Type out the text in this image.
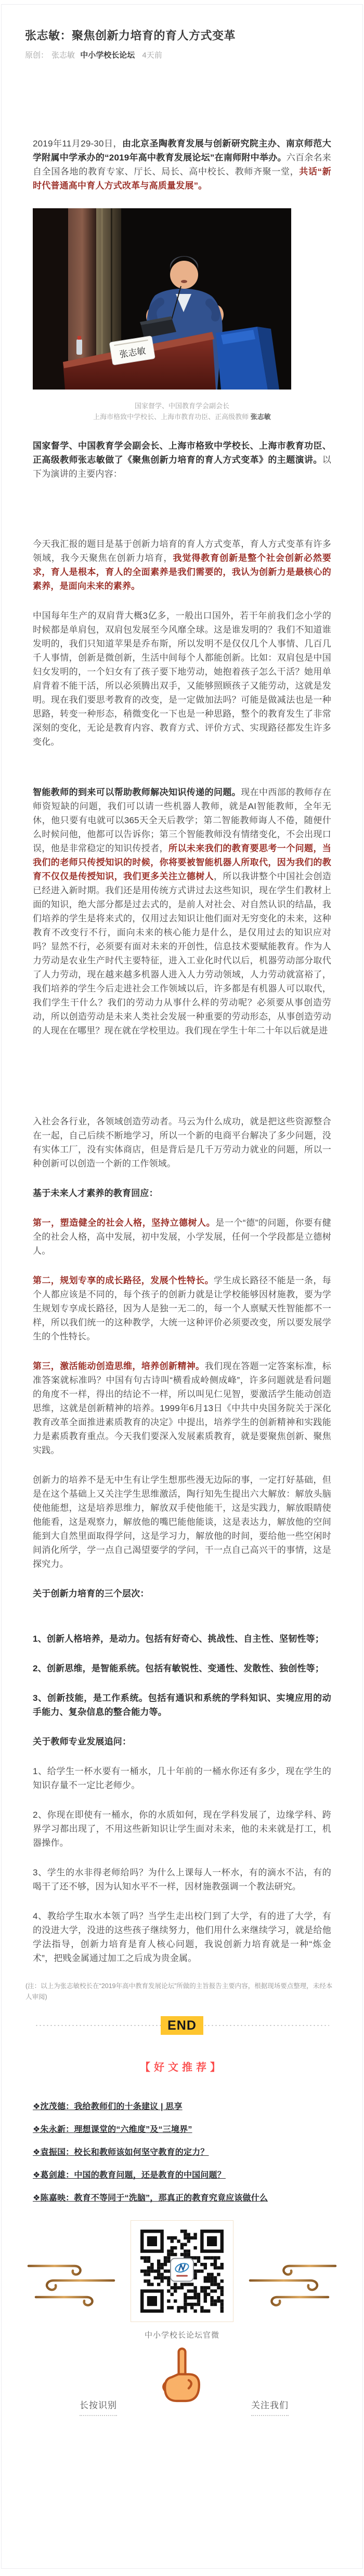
张志敏：聚焦创新力培育的育人方式变革
原创： 张志敏 中小学校长论坛 4天前

2019年11月29-30日，由北京圣陶教育发展与创新研究院主办、南京师范大学附属中学承办的“2019年高中教育发展论坛”在南师附中举办。六百余名来自全国各地的教育专家、厅长、局长、高中校长、教师齐聚一堂，共话“新时代普通高中育人方式改革与高质量发展”。

张志敏
国家督学、中国教育学会副会长
上海市格致中学校长、上海市教育功臣、正高级教师 张志敏

国家督学、中国教育学会副会长、上海市格致中学校长、上海市教育功臣、正高级教师张志敏做了《聚焦创新力培育的育人方式变革》的主题演讲。以下为演讲的主要内容：

今天我汇报的题目是基于创新力培育的育人方式变革，育人方式变革有许多领域，我今天聚焦在创新力培育，我觉得教育创新是整个社会创新必然要求，育人是根本，育人的全面素养是我们需要的，我认为创新力是最核心的素养，是面向未来的素养。

中国每年生产的双肩背大概3亿多，一般出口国外，若干年前我们念小学的时候都是单肩包，双肩包发展至今风靡全球。这是谁发明的？我们不知道谁发明的，我们只知道苹果是乔布斯，所以发明不是仅仅几个人事情、几百几千人事情，创新是微创新，生活中间每个人都能创新。比如：双肩包是中国妇女发明的，一个妇女有了孩子要下地劳动，她抱着孩子怎么干活？她用单肩背着不能干活，所以必须腾出双手，又能够照顾孩子又能劳动，这就是发明。现在我们要思考教育的改变，是一定做加法吗？可能是做减法也是一种思路，转变一种形态，稍微变化一下也是一种思路，整个的教育发生了非常深刻的变化，无论是教育内容、教育方式、评价方式、实现路径都发生许多变化。

智能教师的到来可以帮助教师解决知识传递的问题。现在中西部的教师存在师资短缺的问题，我们可以请一些机器人教师，就是AI智能教师，全年无休，他只要有电就可以365天全天后教学；第二智能教师诲人不倦，随便什么时候问他，他都可以告诉你；第三个智能教师没有情绪变化，不会出现口误，他是非常稳定的知识传授者，所以未来我们的教育要思考一个问题，当我们的老师只传授知识的时候，你将要被智能机器人所取代，因为我们的教育不仅仅是传授知识，我们更多关注立德树人，所以我讲整个中国社会创造已经进入新时期。我们还是用传统方式讲过去这些知识，现在学生们教材上面的知识，绝大部分都是过去式的，是前人对社会、对自然认识的结晶，我们培养的学生是将来式的，仅用过去知识让他们面对无穷变化的未来，这种教育不改变行不行，面向未来的核心能力是什么，是仅用过去的知识应对吗？显然不行，必须要有面对未来的开创性，信息技术要赋能教育。作为人力劳动是农业生产时代主要特征，进入工业化时代以后，机器劳动部分取代了人力劳动，现在越来越多机器人进入人力劳动领域，人力劳动就富裕了，我们培养的学生今后走进社会工作领域以后，许多都是有机器人可以取代，我们学生干什么？我们的劳动力从事什么样的劳动呢？必须要从事创造劳动，所以创造劳动是未来人类社会发展一种重要的劳动形态，从事创造劳动的人现在在哪里？现在就在学校里边。我们现在学生十年二十年以后就是进

入社会各行业，各领域创造劳动者。马云为什么成功，就是把这些资源整合在一起，自己后续不断地学习，所以一个新的电商平台解决了多少问题，没有实体工厂，没有实体商店，但是背后是几千万劳动力就业的问题，所以一种创新可以创造一个新的工作领域。

基于未来人才素养的教育回应：

第一，塑造健全的社会人格，坚持立德树人。是一个“德”的问题，你要有健全的社会人格，高中发展，初中发展，小学发展，任何一个学段都是立德树人。

第二，规划专享的成长路径，发展个性特长。学生成长路径不能是一条，每个人都应该是不同的，每个孩子的创新力就是让学校能够因材施教，要为学生规划专享成长路径，因为人是独一无二的，每一个人禀赋天性智能都不一样，所以我们统一的这种教学，大统一这种评价必须要改变，所以要发展学生的个性特长。

第三，激活能动创造思维，培养创新精神。我们现在答题一定答案标准，标准答案就标准吗？中国有句古诗叫“横看成岭侧成峰”，许多问题就是看问题的角度不一样，得出的结论不一样，所以叫见仁见智，要激活学生能动创造思维，这就是创新精神的培养。1999年6月13日《中共中央国务院关于深化教育改革全面推进素质教育的决定》中提出，培养学生的创新精神和实践能力是素质教育重点。今天我们要深入发展素质教育，就是要聚焦创新、聚焦实践。

创新力的培养不是无中生有让学生想那些漫无边际的事，一定打好基础，但是在这个基础上又关注学生思维激活，陶行知先生提出六大解放：解放头脑使他能想，这是培养思维力，解放双手使他能干，这是实践力，解放眼睛使他能看，这是观察力，解放他的嘴巴能他能谈，这是表达力，解放他的空间能到大自然里面取得学问，这是学习力，解放他的时间，要给他一些空闲时间消化所学，学一点自己渴望要学的学问，干一点自己高兴干的事情，这是探究力。

关于创新力培育的三个层次：

1、创新人格培养，是动力。包括有好奇心、挑战性、自主性、坚韧性等；

2、创新思维，是智能系统。包括有敏锐性、变通性、发散性、独创性等；

3、创新技能，是工作系统。包括有通识和系统的学科知识、实境应用的动手能力、复杂信息的整合能力等。

关于教师专业发展追问：

1、给学生一杯水要有一桶水，几十年前的一桶水你还有多少，现在学生的知识存量不一定比老师少。

2、你现在即使有一桶水，你的水质如何，现在学科发展了，边缘学科、跨界学习都出现了，不用这些新知识让学生面对未来，他的未来就是打工，机器操作。

3、学生的水非得老师给吗？为什么上课每人一杯水，有的滴水不沾，有的喝干了还不够，因为认知水平不一样，因材施教强调一个教法研究。

4、教给学生取水本领了吗？当学生走出校门到了大学，有的进了大学，有的没进大学，没进的这些孩子继续努力，他们用什么来继续学习，就是给他学法指导，创新力培育是育人核心问题，我说创新力培育就是一种“炼金术”，把贱金属通过加工之后成为贵金属。

(注：以上为张志敏校长在“2019年高中教育发展论坛”所做的主旨报告主要内容，根据现场要点整理，未经本人审阅)

END
【好文推荐】

❖沈茂德：我给教师们的十条建议 | 思享

❖朱永新：理想课堂的“六维度”及“三境界”

❖袁振国：校长和教师该如何坚守教育的定力？

❖葛剑雄：中国的教育问题，还是教育的中国问题？

❖陈嘉映：教育不等同于“洗脑”，那真正的教育究竟应该做什么

中小学校长论坛官微
长按识别	关注我们
